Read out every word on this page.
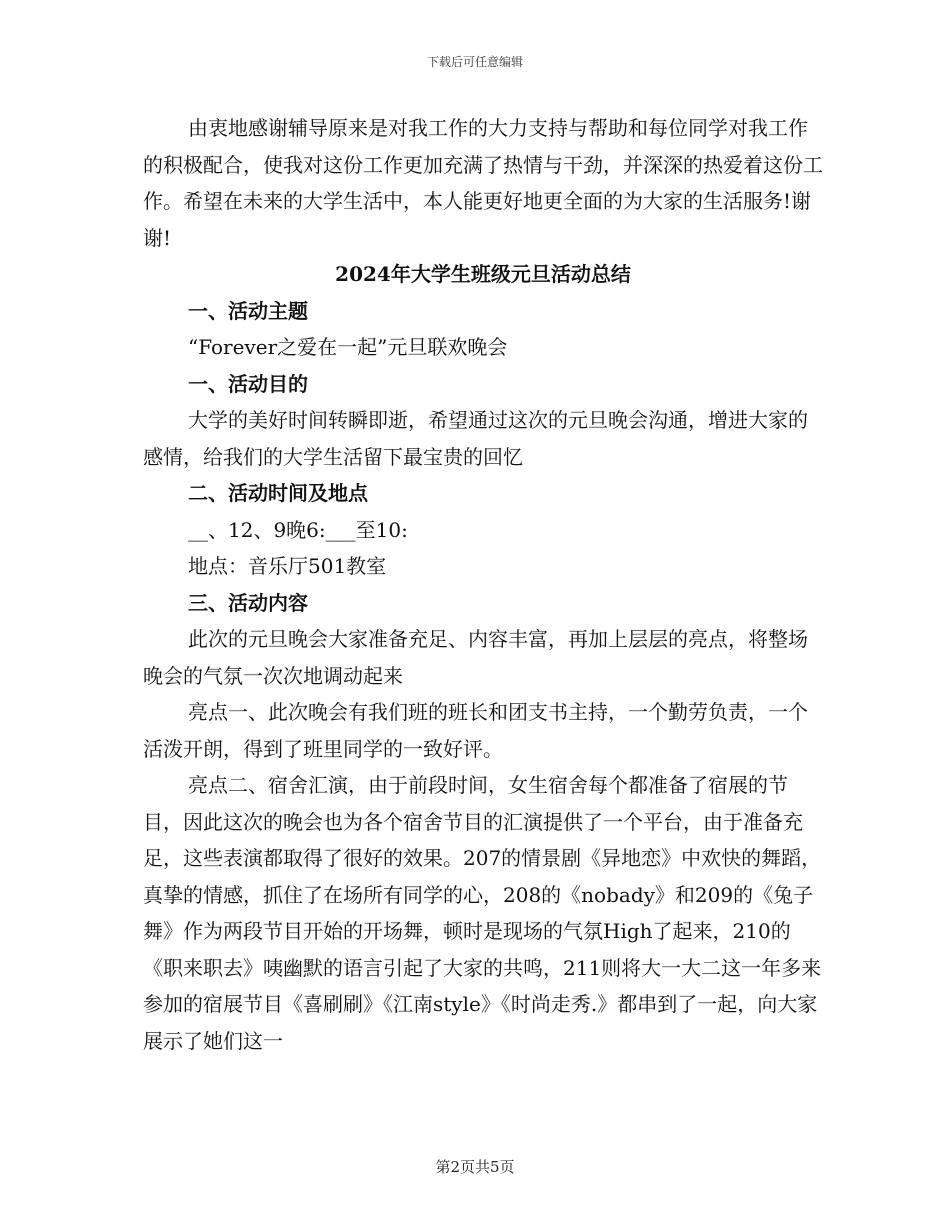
下载后可任意编辑

由衷地感谢辅导原来是对我工作的大力支持与帮助和每位同学对我工作的积极配合，使我对这份工作更加充满了热情与干劲，并深深的热爱着这份工作。希望在未来的大学生活中，本人能更好地更全面的为大家的生活服务!谢谢!

2024年大学生班级元旦活动总结

一、活动主题

“Forever之爱在一起”元旦联欢晚会

一、活动目的

大学的美好时间转瞬即逝，希望通过这次的元旦晚会沟通，增进大家的感情，给我们的大学生活留下最宝贵的回忆

二、活动时间及地点

__、12、9晚6:___至10:

地点：音乐厅501教室

三、活动内容

此次的元旦晚会大家准备充足、内容丰富，再加上层层的亮点，将整场晚会的气氛一次次地调动起来

亮点一、此次晚会有我们班的班长和团支书主持，一个勤劳负责，一个活泼开朗，得到了班里同学的一致好评。

亮点二、宿舍汇演，由于前段时间，女生宿舍每个都准备了宿展的节目，因此这次的晚会也为各个宿舍节目的汇演提供了一个平台，由于准备充足，这些表演都取得了很好的效果。207的情景剧《异地恋》中欢快的舞蹈，真挚的情感，抓住了在场所有同学的心，208的《nobady》和209的《兔子舞》作为两段节目开始的开场舞，顿时是现场的气氛High了起来，210的《职来职去》咦幽默的语言引起了大家的共鸣，211则将大一大二这一年多来参加的宿展节目《喜刷刷》《江南style》《时尚走秀.》都串到了一起，向大家展示了她们这一

第2页共5页
